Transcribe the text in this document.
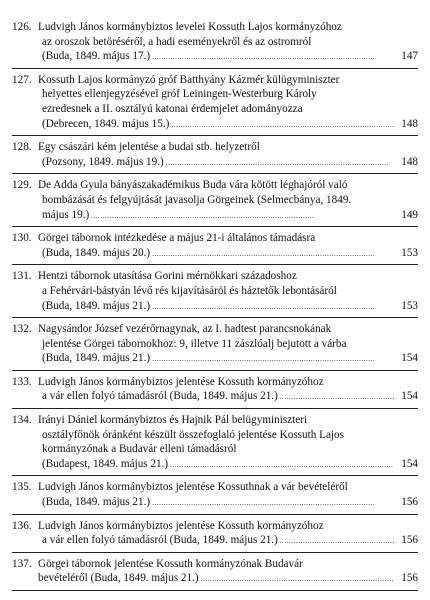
126. Ludvigh János kormánybiztos levelei Kossuth Lajos kormányzóhoz
az oroszok betöréséről, a hadi eseményekről és az ostromról
(Buda, 1849. május 17.) . . .	147
127. Kossuth Lajos kormányzó gróf Batthyány Kázmér külügyminiszter
helyettes ellenjegyzésével gróf Leiningen-Westerburg Károly
ezredesnek a II. osztályú katonai érdemjelet adományozza
(Debrecen, 1849. május 15.) . . .	148
128. Egy császári kém jelentése a budai stb. helyzetről
(Pozsony, 1849. május 19.) . . .	148
129. De Adda Gyula bányászakadémikus Buda vára kötött léghajóról való
bombázását és felgyújtását javasolja Görgeinek (Selmecbánya, 1849.
május 19.) . . .	149
130. Görgei tábornok intézkedése a május 21-i általános támadásra
(Buda, 1849. május 20.) . . .	153
131. Hentzi tábornok utasítása Gorini mérnökkari századoshoz
a Fehérvári-bástyán lévő rés kijavításáról és háztetők lebontásáról
(Buda, 1849. május 21.) . . .	153
132. Nagysándor József vezérőrnagynak, az I. hadtest parancsnokának
jelentése Görgei tábornokhoz: 9, illetve 11 zászlóalj bejutott a várba
(Buda, 1849. május 21.) . . .	154
133. Ludvigh János kormánybiztos jelentése Kossuth kormányzóhoz
a vár ellen folyó támadásról (Buda, 1849. május 21.) . . .	154
134. Irányi Dániel kormánybiztos és Hajnik Pál belügyminiszteri
osztályfőnök óránként készült összefoglaló jelentése Kossuth Lajos
kormányzónak a Budavár elleni támadásról
(Budapest, 1849. május 21.) . . .	154
135. Ludvigh János kormánybiztos jelentése Kossuthnak a vár bevételéről
(Buda, 1849. május 21.) . . .	156
136. Ludvigh János kormánybiztos jelentése Kossuth kormányzóhoz
a vár ellen folyó támadásról (Buda, 1849. május 21.) . . .	156
137. Görgei tábornok jelentése Kossuth kormányzónak Budavár
bevételéről (Buda, 1849. május 21.) . . .	156
